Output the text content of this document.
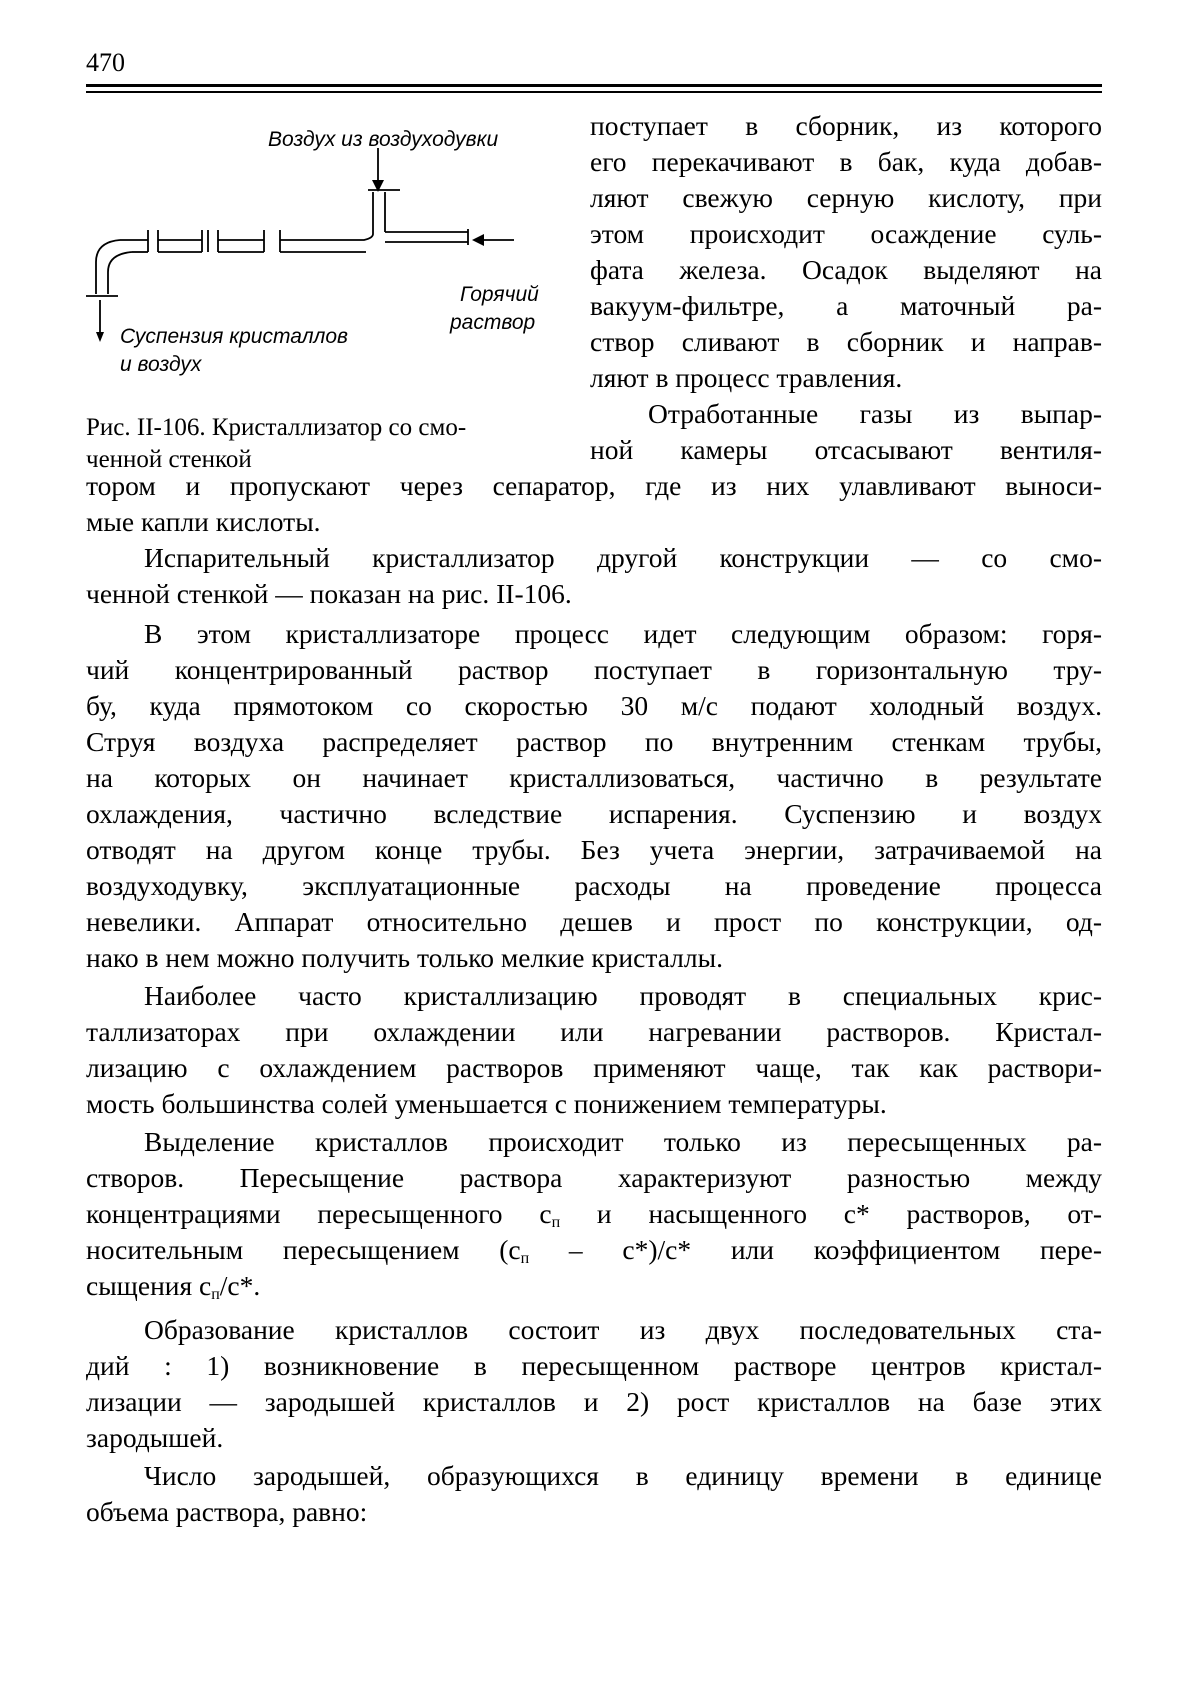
470
Воздух из воздуходувки
Горячий
раствор
Суспензия кристаллов
и воздух
Рис. II-106. Кристаллизатор со смо-
ченной стенкой
поступает в сборник, из которого
его перекачивают в бак, куда добав-
ляют свежую серную кислоту, при
этом происходит осаждение суль-
фата железа. Осадок выделяют на
вакуум-фильтре, а маточный ра-
створ сливают в сборник и направ-
ляют в процесс травления.
Отработанные газы из выпар-
ной камеры отсасывают вентиля-
тором и пропускают через сепаратор, где из них улавливают выноси-
мые капли кислоты.
Испарительный кристаллизатор другой конструкции — со смо-
ченной стенкой — показан на рис. II-106.
В этом кристаллизаторе процесс идет следующим образом: горя-
чий концентрированный раствор поступает в горизонтальную тру-
бу, куда прямотоком со скоростью 30 м/с подают холодный воздух.
Струя воздуха распределяет раствор по внутренним стенкам трубы,
на которых он начинает кристаллизоваться, частично в результате
охлаждения, частично вследствие испарения. Суспензию и воздух
отводят на другом конце трубы. Без учета энергии, затрачиваемой на
воздуходувку, эксплуатационные расходы на проведение процесса
невелики. Аппарат относительно дешев и прост по конструкции, од-
нако в нем можно получить только мелкие кристаллы.
Наиболее часто кристаллизацию проводят в специальных крис-
таллизаторах при охлаждении или нагревании растворов. Кристал-
лизацию с охлаждением растворов применяют чаще, так как раствори-
мость большинства солей уменьшается с понижением температуры.
Выделение кристаллов происходит только из пересыщенных ра-
створов. Пересыщение раствора характеризуют разностью между
концентрациями пересыщенного $с_п$ и насыщенного с* растворов, от-
носительным пересыщением $(с_п - с*)/с*$ или коэффициентом пере-
сыщения $с_п/с*$.
Образование кристаллов состоит из двух последовательных ста-
дий : 1) возникновение в пересыщенном растворе центров кристал-
лизации — зародышей кристаллов и 2) рост кристаллов на базе этих
зародышей.
Число зародышей, образующихся в единицу времени в единице
объема раствора, равно:
